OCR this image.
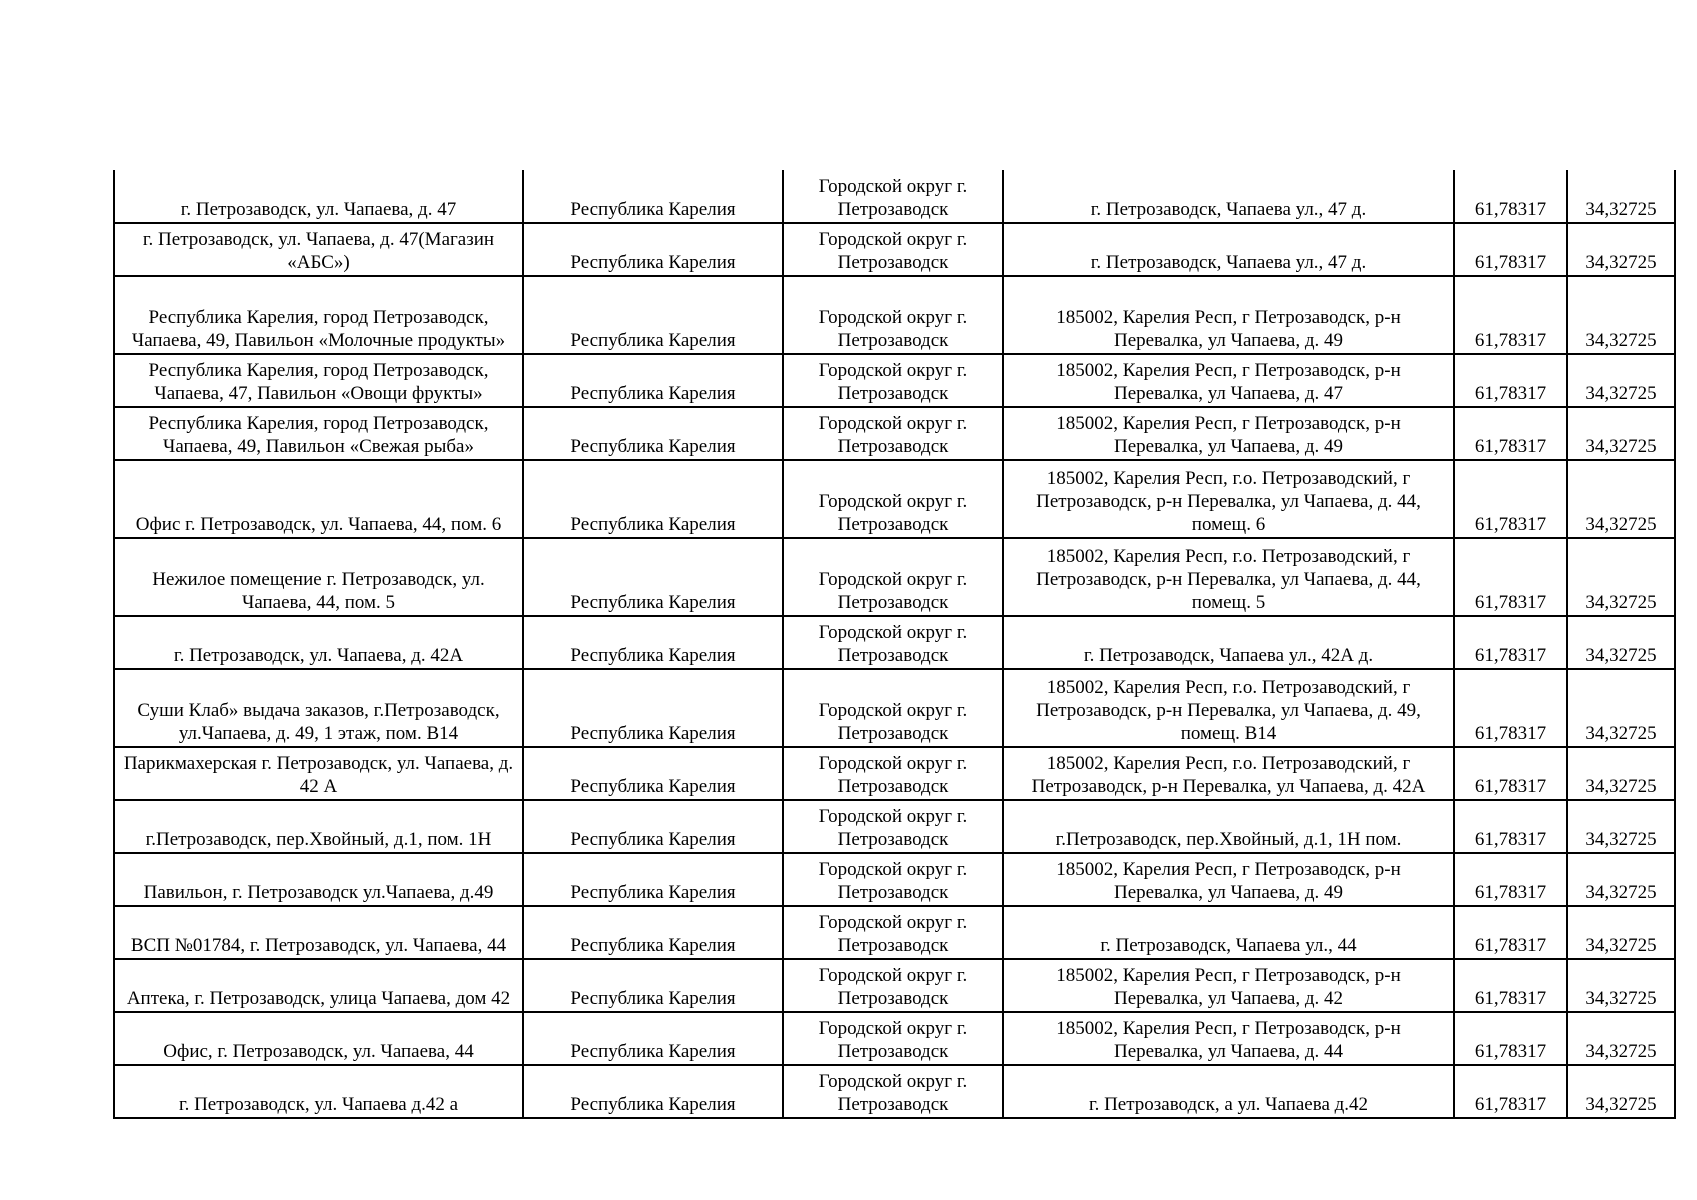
г. Петрозаводск, ул. Чапаева, д. 47	Республика Карелия	Городской округ г. Петрозаводск	г. Петрозаводск, Чапаева ул., 47 д.	61,78317	34,32725
г. Петрозаводск, ул. Чапаева, д. 47(Магазин «АБС»)	Республика Карелия	Городской округ г. Петрозаводск	г. Петрозаводск, Чапаева ул., 47 д.	61,78317	34,32725
Республика Карелия, город Петрозаводск, Чапаева, 49, Павильон «Молочные продукты»	Республика Карелия	Городской округ г. Петрозаводск	185002, Карелия Респ, г Петрозаводск, р-н Перевалка, ул Чапаева, д. 49	61,78317	34,32725
Республика Карелия, город Петрозаводск, Чапаева, 47, Павильон «Овощи фрукты»	Республика Карелия	Городской округ г. Петрозаводск	185002, Карелия Респ, г Петрозаводск, р-н Перевалка, ул Чапаева, д. 47	61,78317	34,32725
Республика Карелия, город Петрозаводск, Чапаева, 49, Павильон «Свежая рыба»	Республика Карелия	Городской округ г. Петрозаводск	185002, Карелия Респ, г Петрозаводск, р-н Перевалка, ул Чапаева, д. 49	61,78317	34,32725
Офис г. Петрозаводск, ул. Чапаева, 44, пом. 6	Республика Карелия	Городской округ г. Петрозаводск	185002, Карелия Респ, г.о. Петрозаводский, г Петрозаводск, р-н Перевалка, ул Чапаева, д. 44, помещ. 6	61,78317	34,32725
Нежилое помещение г. Петрозаводск, ул. Чапаева, 44, пом. 5	Республика Карелия	Городской округ г. Петрозаводск	185002, Карелия Респ, г.о. Петрозаводский, г Петрозаводск, р-н Перевалка, ул Чапаева, д. 44, помещ. 5	61,78317	34,32725
г. Петрозаводск, ул. Чапаева, д. 42А	Республика Карелия	Городской округ г. Петрозаводск	г. Петрозаводск, Чапаева ул., 42А д.	61,78317	34,32725
Суши Клаб» выдача заказов, г.Петрозаводск, ул.Чапаева, д. 49, 1 этаж, пом. В14	Республика Карелия	Городской округ г. Петрозаводск	185002, Карелия Респ, г.о. Петрозаводский, г Петрозаводск, р-н Перевалка, ул Чапаева, д. 49, помещ. В14	61,78317	34,32725
Парикмахерская г. Петрозаводск, ул. Чапаева, д. 42 А	Республика Карелия	Городской округ г. Петрозаводск	185002, Карелия Респ, г.о. Петрозаводский, г Петрозаводск, р-н Перевалка, ул Чапаева, д. 42А	61,78317	34,32725
г.Петрозаводск, пер.Хвойный, д.1, пом. 1Н	Республика Карелия	Городской округ г. Петрозаводск	г.Петрозаводск, пер.Хвойный, д.1, 1Н пом.	61,78317	34,32725
Павильон, г. Петрозаводск ул.Чапаева, д.49	Республика Карелия	Городской округ г. Петрозаводск	185002, Карелия Респ, г Петрозаводск, р-н Перевалка, ул Чапаева, д. 49	61,78317	34,32725
ВСП №01784, г. Петрозаводск, ул. Чапаева, 44	Республика Карелия	Городской округ г. Петрозаводск	г. Петрозаводск, Чапаева ул., 44	61,78317	34,32725
Аптека, г. Петрозаводск, улица Чапаева, дом 42	Республика Карелия	Городской округ г. Петрозаводск	185002, Карелия Респ, г Петрозаводск, р-н Перевалка, ул Чапаева, д. 42	61,78317	34,32725
Офис, г. Петрозаводск, ул. Чапаева, 44	Республика Карелия	Городской округ г. Петрозаводск	185002, Карелия Респ, г Петрозаводск, р-н Перевалка, ул Чапаева, д. 44	61,78317	34,32725
г. Петрозаводск, ул. Чапаева д.42 а	Республика Карелия	Городской округ г. Петрозаводск	г. Петрозаводск, а ул. Чапаева д.42	61,78317	34,32725
